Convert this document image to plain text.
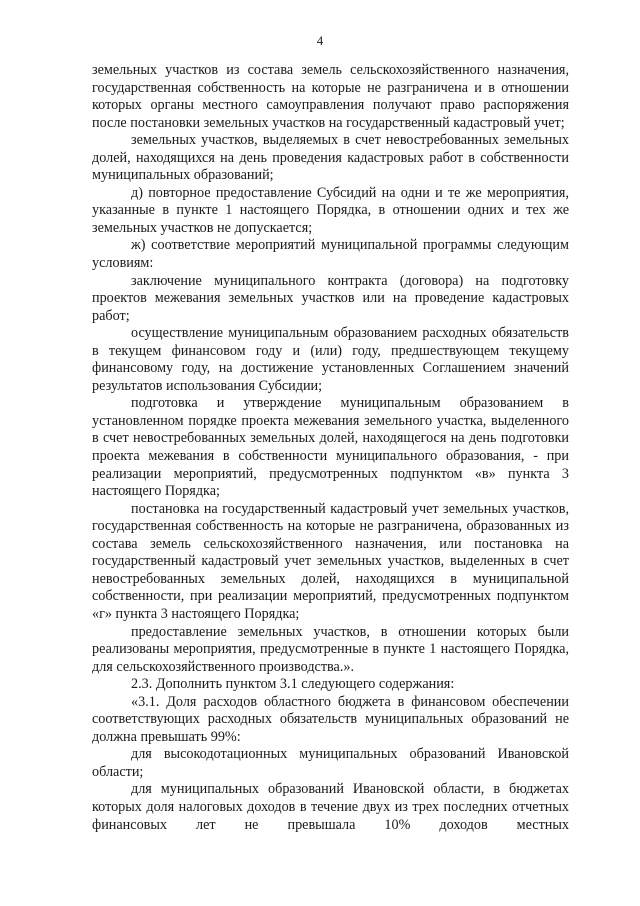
4

земельных участков из состава земель сельскохозяйственного назначения, государственная собственность на которые не разграничена и в отношении которых органы местного самоуправления получают право распоряжения после постановки земельных участков на государственный кадастровый учет;

земельных участков, выделяемых в счет невостребованных земельных долей, находящихся на день проведения кадастровых работ в собственности муниципальных образований;

д) повторное предоставление Субсидий на одни и те же мероприятия, указанные в пункте 1 настоящего Порядка, в отношении одних и тех же земельных участков не допускается;

ж) соответствие мероприятий муниципальной программы следующим условиям:

заключение муниципального контракта (договора) на подготовку проектов межевания земельных участков или на проведение кадастровых работ;

осуществление муниципальным образованием расходных обязательств в текущем финансовом году и (или) году, предшествующем текущему финансовому году, на достижение установленных Соглашением значений результатов использования Субсидии;

подготовка и утверждение муниципальным образованием в установленном порядке проекта межевания земельного участка, выделенного в счет невостребованных земельных долей, находящегося на день подготовки проекта межевания в собственности муниципального образования, - при реализации мероприятий, предусмотренных подпунктом «в» пункта 3 настоящего Порядка;

постановка на государственный кадастровый учет земельных участков, государственная собственность на которые не разграничена, образованных из состава земель сельскохозяйственного назначения, или постановка на государственный кадастровый учет земельных участков, выделенных в счет невостребованных земельных долей, находящихся в муниципальной собственности, при реализации мероприятий, предусмотренных подпунктом «г» пункта 3 настоящего Порядка;

предоставление земельных участков, в отношении которых были реализованы мероприятия, предусмотренные в пункте 1 настоящего Порядка, для сельскохозяйственного производства.».

2.3. Дополнить пунктом 3.1 следующего содержания:

«3.1. Доля расходов областного бюджета в финансовом обеспечении соответствующих расходных обязательств муниципальных образований не должна превышать 99%:

для высокодотационных муниципальных образований Ивановской области;

для муниципальных образований Ивановской области, в бюджетах которых доля налоговых доходов в течение двух из трех последних отчетных финансовых лет не превышала 10% доходов местных
